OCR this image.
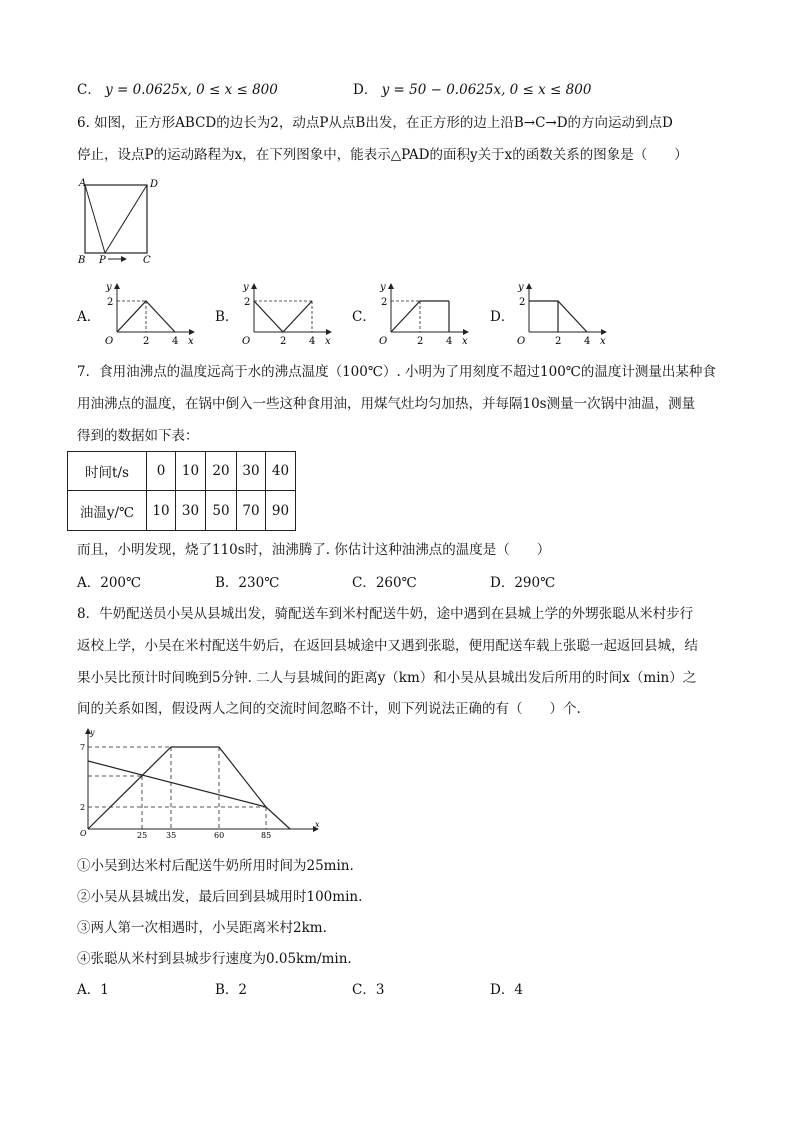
C． y = 0.0625x, 0 ≤ x ≤ 800	D． y = 50 − 0.0625x, 0 ≤ x ≤ 800
6. 如图，正方形ABCD的边长为2，动点P从点B出发，在正方形的边上沿B→C→D的方向运动到点D
停止，设点P的运动路程为x，在下列图象中，能表示△PAD的面积y关于x的函数关系的图象是（　　）
A	D
B P	C
A．	B．	C．	D．
y
2
O	2 4 x
y
2
O	2 4 x
y
2
O	2 4 x
y
2
O	2 4 x
7．食用油沸点的温度远高于水的沸点温度（100℃）. 小明为了用刻度不超过100℃的温度计测量出某种食
用油沸点的温度，在锅中倒入一些这种食用油，用煤气灶均匀加热，并每隔10s测量一次锅中油温，测量
得到的数据如下表：
时间t/s	0	10	20	30	40
油温y/℃	10	30	50	70	90
而且，小明发现，烧了110s时，油沸腾了. 你估计这种油沸点的温度是（　　）
A．200℃	B．230℃	C．260℃	D．290℃
8．牛奶配送员小吴从县城出发，骑配送车到米村配送牛奶，途中遇到在县城上学的外甥张聪从米村步行
返校上学，小吴在米村配送牛奶后，在返回县城途中又遇到张聪，便用配送车载上张聪一起返回县城，结
果小吴比预计时间晚到5分钟. 二人与县城间的距离y（km）和小吴从县城出发后所用的时间x（min）之
间的关系如图，假设两人之间的交流时间忽略不计，则下列说法正确的有（　　）个.
y
7
2
O	25 35	60	85
x
①小吴到达米村后配送牛奶所用时间为25min.
②小吴从县城出发，最后回到县城用时100min.
③两人第一次相遇时，小吴距离米村2km.
④张聪从米村到县城步行速度为0.05km/min.
A．1	B．2	C．3	D．4
